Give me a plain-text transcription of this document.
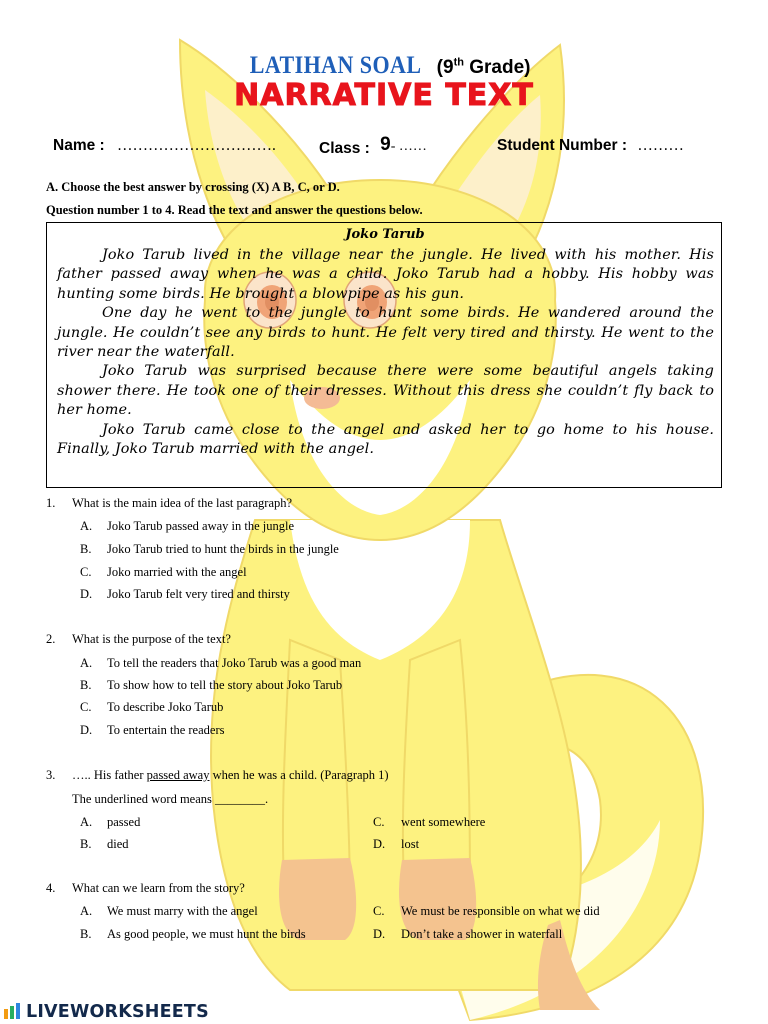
LATIHAN SOAL (9th Grade)
NARRATIVE TEXT
Name : ………………………….	Class : 9- ……	Student Number : ………
A. Choose the best answer by crossing (X) A B, C, or D.
Question number 1 to 4. Read the text and answer the questions below.
Joko Tarub

Joko Tarub lived in the village near the jungle. He lived with his mother. His father passed away when he was a child. Joko Tarub had a hobby. His hobby was hunting some birds. He brought a blowpipe as his gun.

One day he went to the jungle to hunt some birds. He wandered around the jungle. He couldn’t see any birds to hunt. He felt very tired and thirsty. He went to the river near the waterfall.

Joko Tarub was surprised because there were some beautiful angels taking shower there. He took one of their dresses. Without this dress she couldn’t fly back to her home.

Joko Tarub came close to the angel and asked her to go home to his house. Finally, Joko Tarub married with the angel.

1. What is the main idea of the last paragraph?
A. Joko Tarub passed away in the jungle
B. Joko Tarub tried to hunt the birds in the jungle
C. Joko married with the angel
D. Joko Tarub felt very tired and thirsty
2. What is the purpose of the text?
A. To tell the readers that Joko Tarub was a good man
B. To show how to tell the story about Joko Tarub
C. To describe Joko Tarub
D. To entertain the readers
3. ….. His father passed away when he was a child. (Paragraph 1)
The underlined word means ________.
A. passed	C. went somewhere
B. died	D. lost
4. What can we learn from the story?
A. We must marry with the angel	C. We must be responsible on what we did
B. As good people, we must hunt the birds	D. Don’t take a shower in waterfall
LIVEWORKSHEETS
